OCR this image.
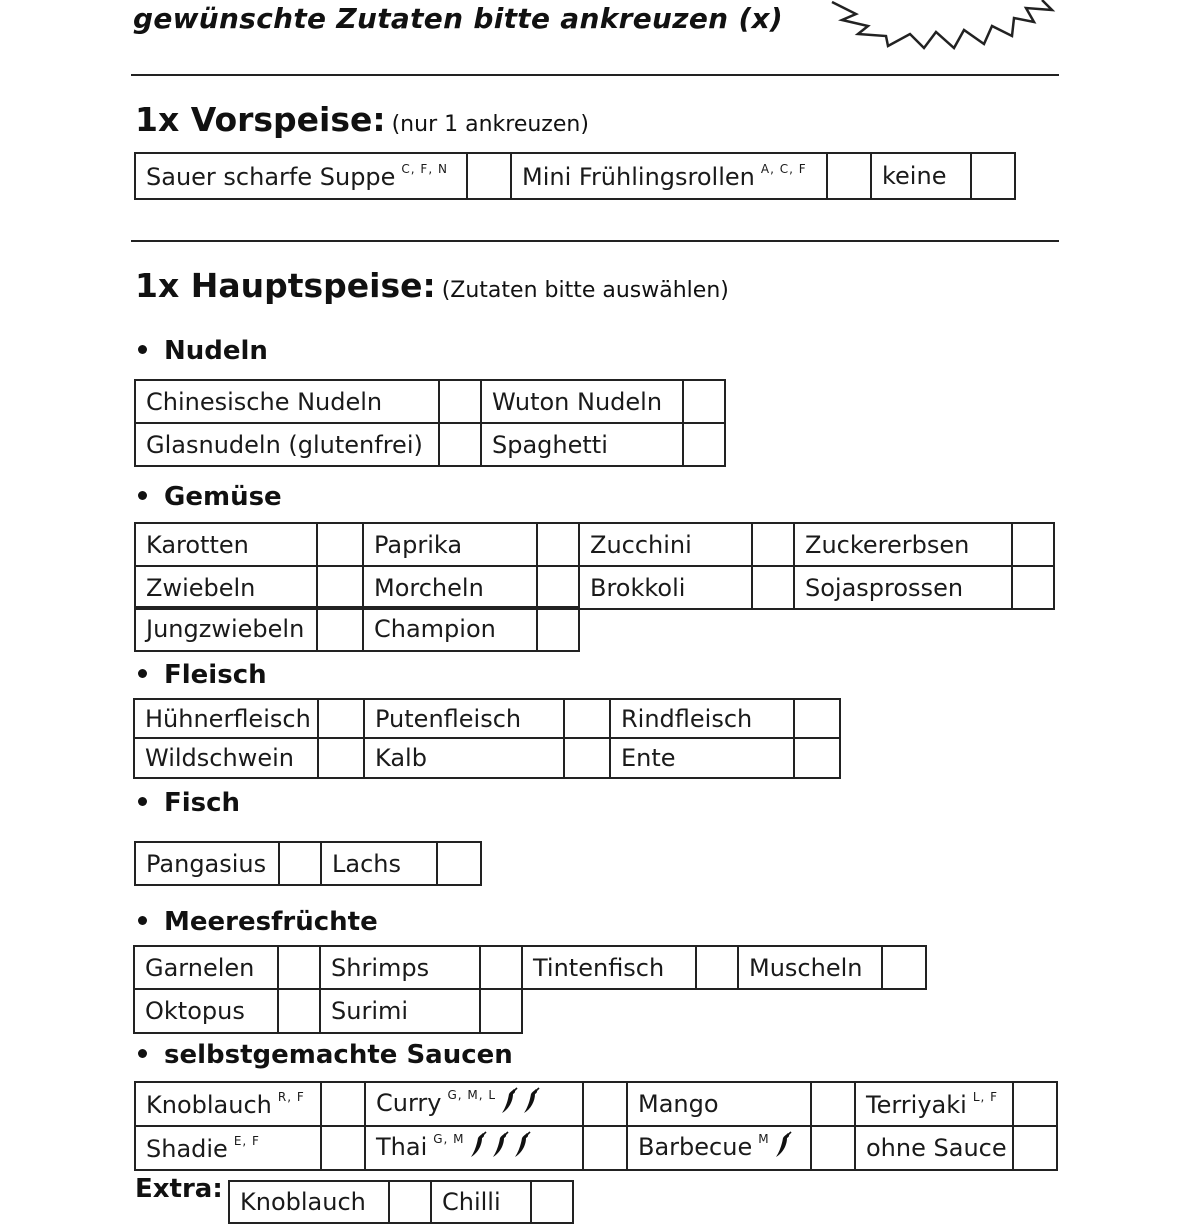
gewünschte Zutaten bitte ankreuzen (x)
1x Vorspeise: (nur 1 ankreuzen)
Sauer scharfe Suppe $^{C, F, N}$		Mini Frühlingsrollen $^{A, C, F}$		keine	
1x Hauptspeise: (Zutaten bitte auswählen)
Nudeln
Chinesische Nudeln		Wuton Nudeln	
Glasnudeln (glutenfrei)		Spaghetti	
Gemüse
Karotten		Paprika		Zucchini		Zuckererbsen	
Zwiebeln		Morcheln		Brokkoli		Sojasprossen	
Jungzwiebeln		Champion	
Fleisch
Hühnerfleisch		Putenfleisch		Rindfleisch	
Wildschwein		Kalb		Ente	
Fisch
Pangasius		Lachs	
Meeresfrüchte
Garnelen		Shrimps		Tintenfisch		Muscheln	
Oktopus		Surimi	
selbstgemachte Saucen
Knoblauch $^{R, F}$		Curry $^{G, M, L}$		Mango		Terriyaki $^{L, F}$	
Shadie $^{E, F}$		Thai $^{G, M}$		Barbecue $^M$		ohne Sauce	
Extra: Knoblauch		Chilli	
